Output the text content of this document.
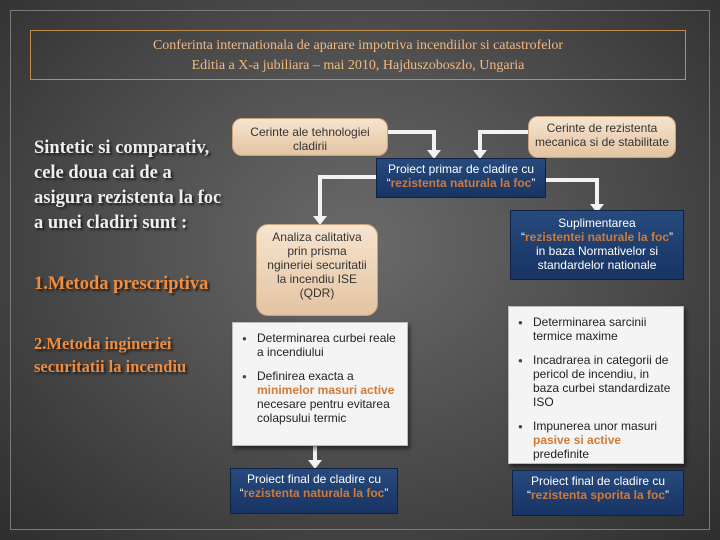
Conferinta internationala de aparare impotriva incendiilor si catastrofelor
Editia a X-a jubiliara – mai 2010, Hajduszoboszlo, Ungaria
Sintetic si comparativ, cele doua cai de a asigura rezistenta la foc a unei cladiri sunt :
1.Metoda prescriptiva
2.Metoda ingineriei securitatii la incendiu
Cerinte ale tehnologiei cladirii
Cerinte de rezistenta mecanica si de stabilitate
Proiect primar de cladire cu “rezistenta naturala la foc”
Analiza calitativa prin prisma ngineriei securitatii la incendiu ISE (QDR)
Suplimentarea
“rezistentei naturale la foc” in baza Normativelor si standardelor nationale
● Determinarea curbei reale a incendiului
● Definirea exacta a minimelor masuri active necesare pentru evitarea colapsului termic
● Determinarea sarcinii termice maxime
● Incadrarea in categorii de pericol de incendiu, in baza curbei standardizate ISO
● Impunerea unor masuri pasive si active predefinite
Proiect final de cladire cu “rezistenta naturala la foc”
Proiect final de cladire cu “rezistenta sporita la foc”
